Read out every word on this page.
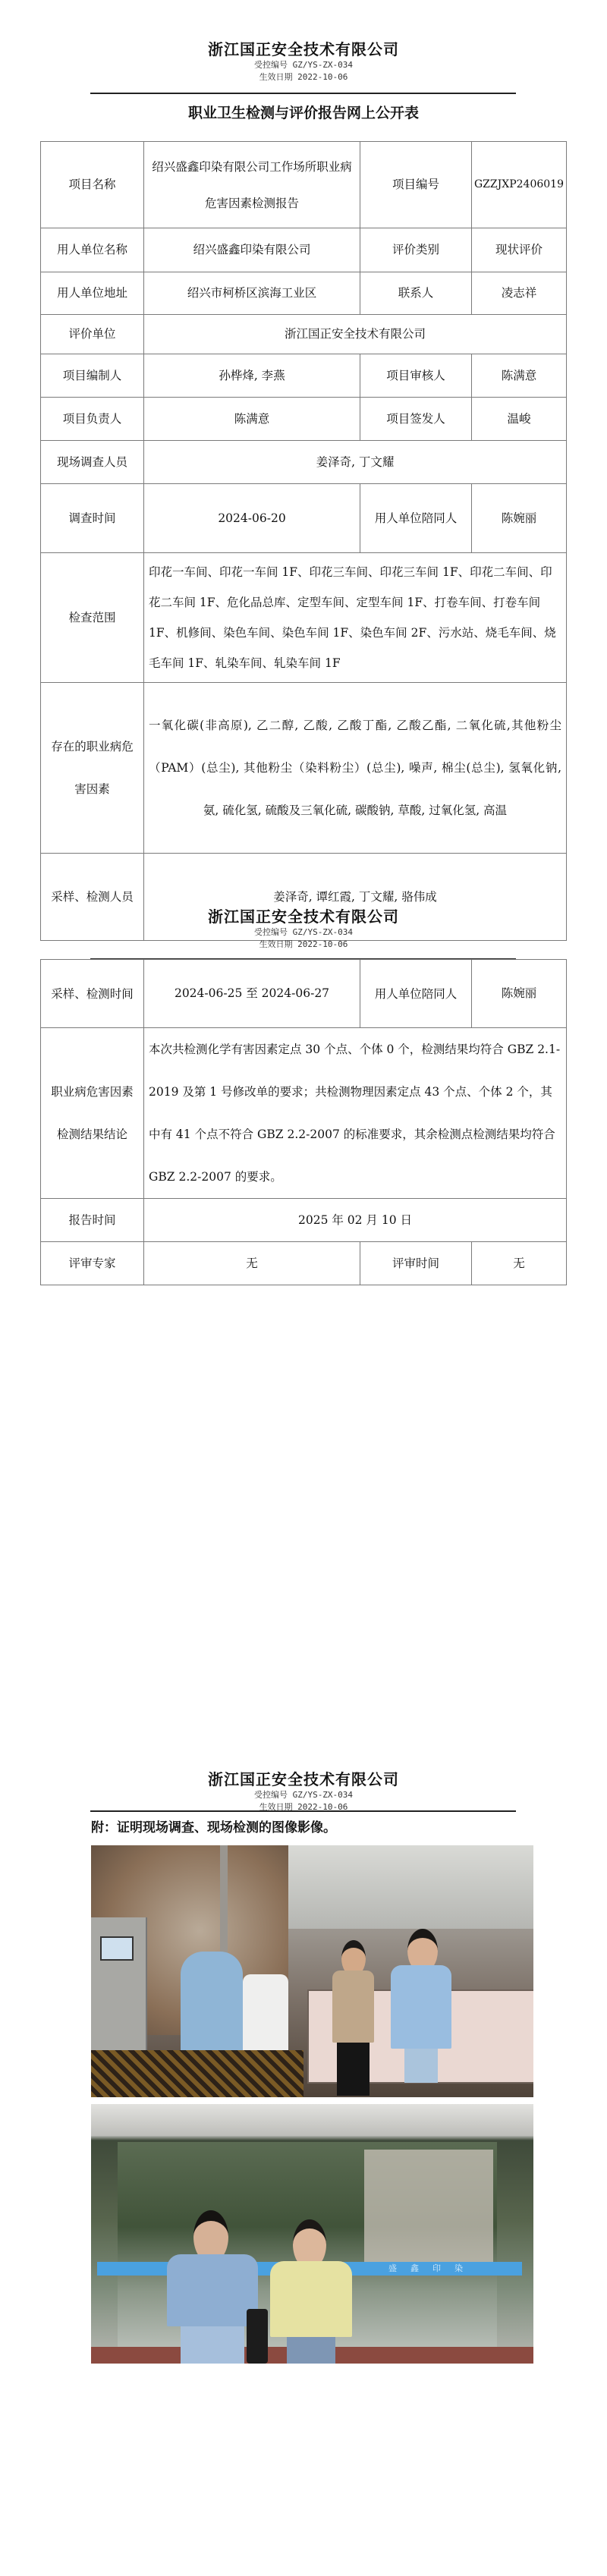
浙江国正安全技术有限公司
受控编号 GZ/YS-ZX-034
生效日期 2022-10-06
职业卫生检测与评价报告网上公开表
项目名称	绍兴盛鑫印染有限公司工作场所职业病危害因素检测报告	项目编号	GZZJXP2406019
用人单位名称	绍兴盛鑫印染有限公司	评价类别	现状评价
用人单位地址	绍兴市柯桥区滨海工业区	联系人	凌志祥
评价单位	浙江国正安全技术有限公司		
项目编制人	孙桦烽, 李燕	项目审核人	陈满意
项目负责人	陈满意	项目签发人	温峻
现场调查人员	姜泽奇, 丁文耀		
调查时间	2024-06-20	用人单位陪同人	陈婉丽
检查范围	印花一车间、印花一车间 1F、印花三车间、印花三车间 1F、印花二车间、印花二车间 1F、危化品总库、定型车间、定型车间 1F、打卷车间、打卷车间 1F、机修间、染色车间、染色车间 1F、染色车间 2F、污水站、烧毛车间、烧毛车间 1F、轧染车间、轧染车间 1F		
存在的职业病危害因素	一氧化碳(非高原), 乙二醇, 乙酸, 乙酸丁酯, 乙酸乙酯, 二氧化硫,其他粉尘（PAM）(总尘), 其他粉尘（染料粉尘）(总尘), 噪声, 棉尘(总尘), 氢氧化钠, 氨, 硫化氢, 硫酸及三氧化硫, 碳酸钠, 草酸, 过氧化氢, 高温		
采样、检测人员	姜泽奇, 谭红霞, 丁文耀, 骆伟成		
浙江国正安全技术有限公司
受控编号 GZ/YS-ZX-034
生效日期 2022-10-06
采样、检测时间	2024-06-25 至 2024-06-27	用人单位陪同人	陈婉丽
职业病危害因素检测结果结论	本次共检测化学有害因素定点 30 个点、个体 0 个，检测结果均符合 GBZ 2.1-2019 及第 1 号修改单的要求；共检测物理因素定点 43 个点、个体 2 个，其中有 41 个点不符合 GBZ 2.2-2007 的标准要求，其余检测点检测结果均符合 GBZ 2.2-2007 的要求。		
报告时间	2025 年 02 月 10 日		
评审专家	无	评审时间	无
浙江国正安全技术有限公司
受控编号 GZ/YS-ZX-034
生效日期 2022-10-06
附：证明现场调查、现场检测的图像影像。
盛鑫印染
